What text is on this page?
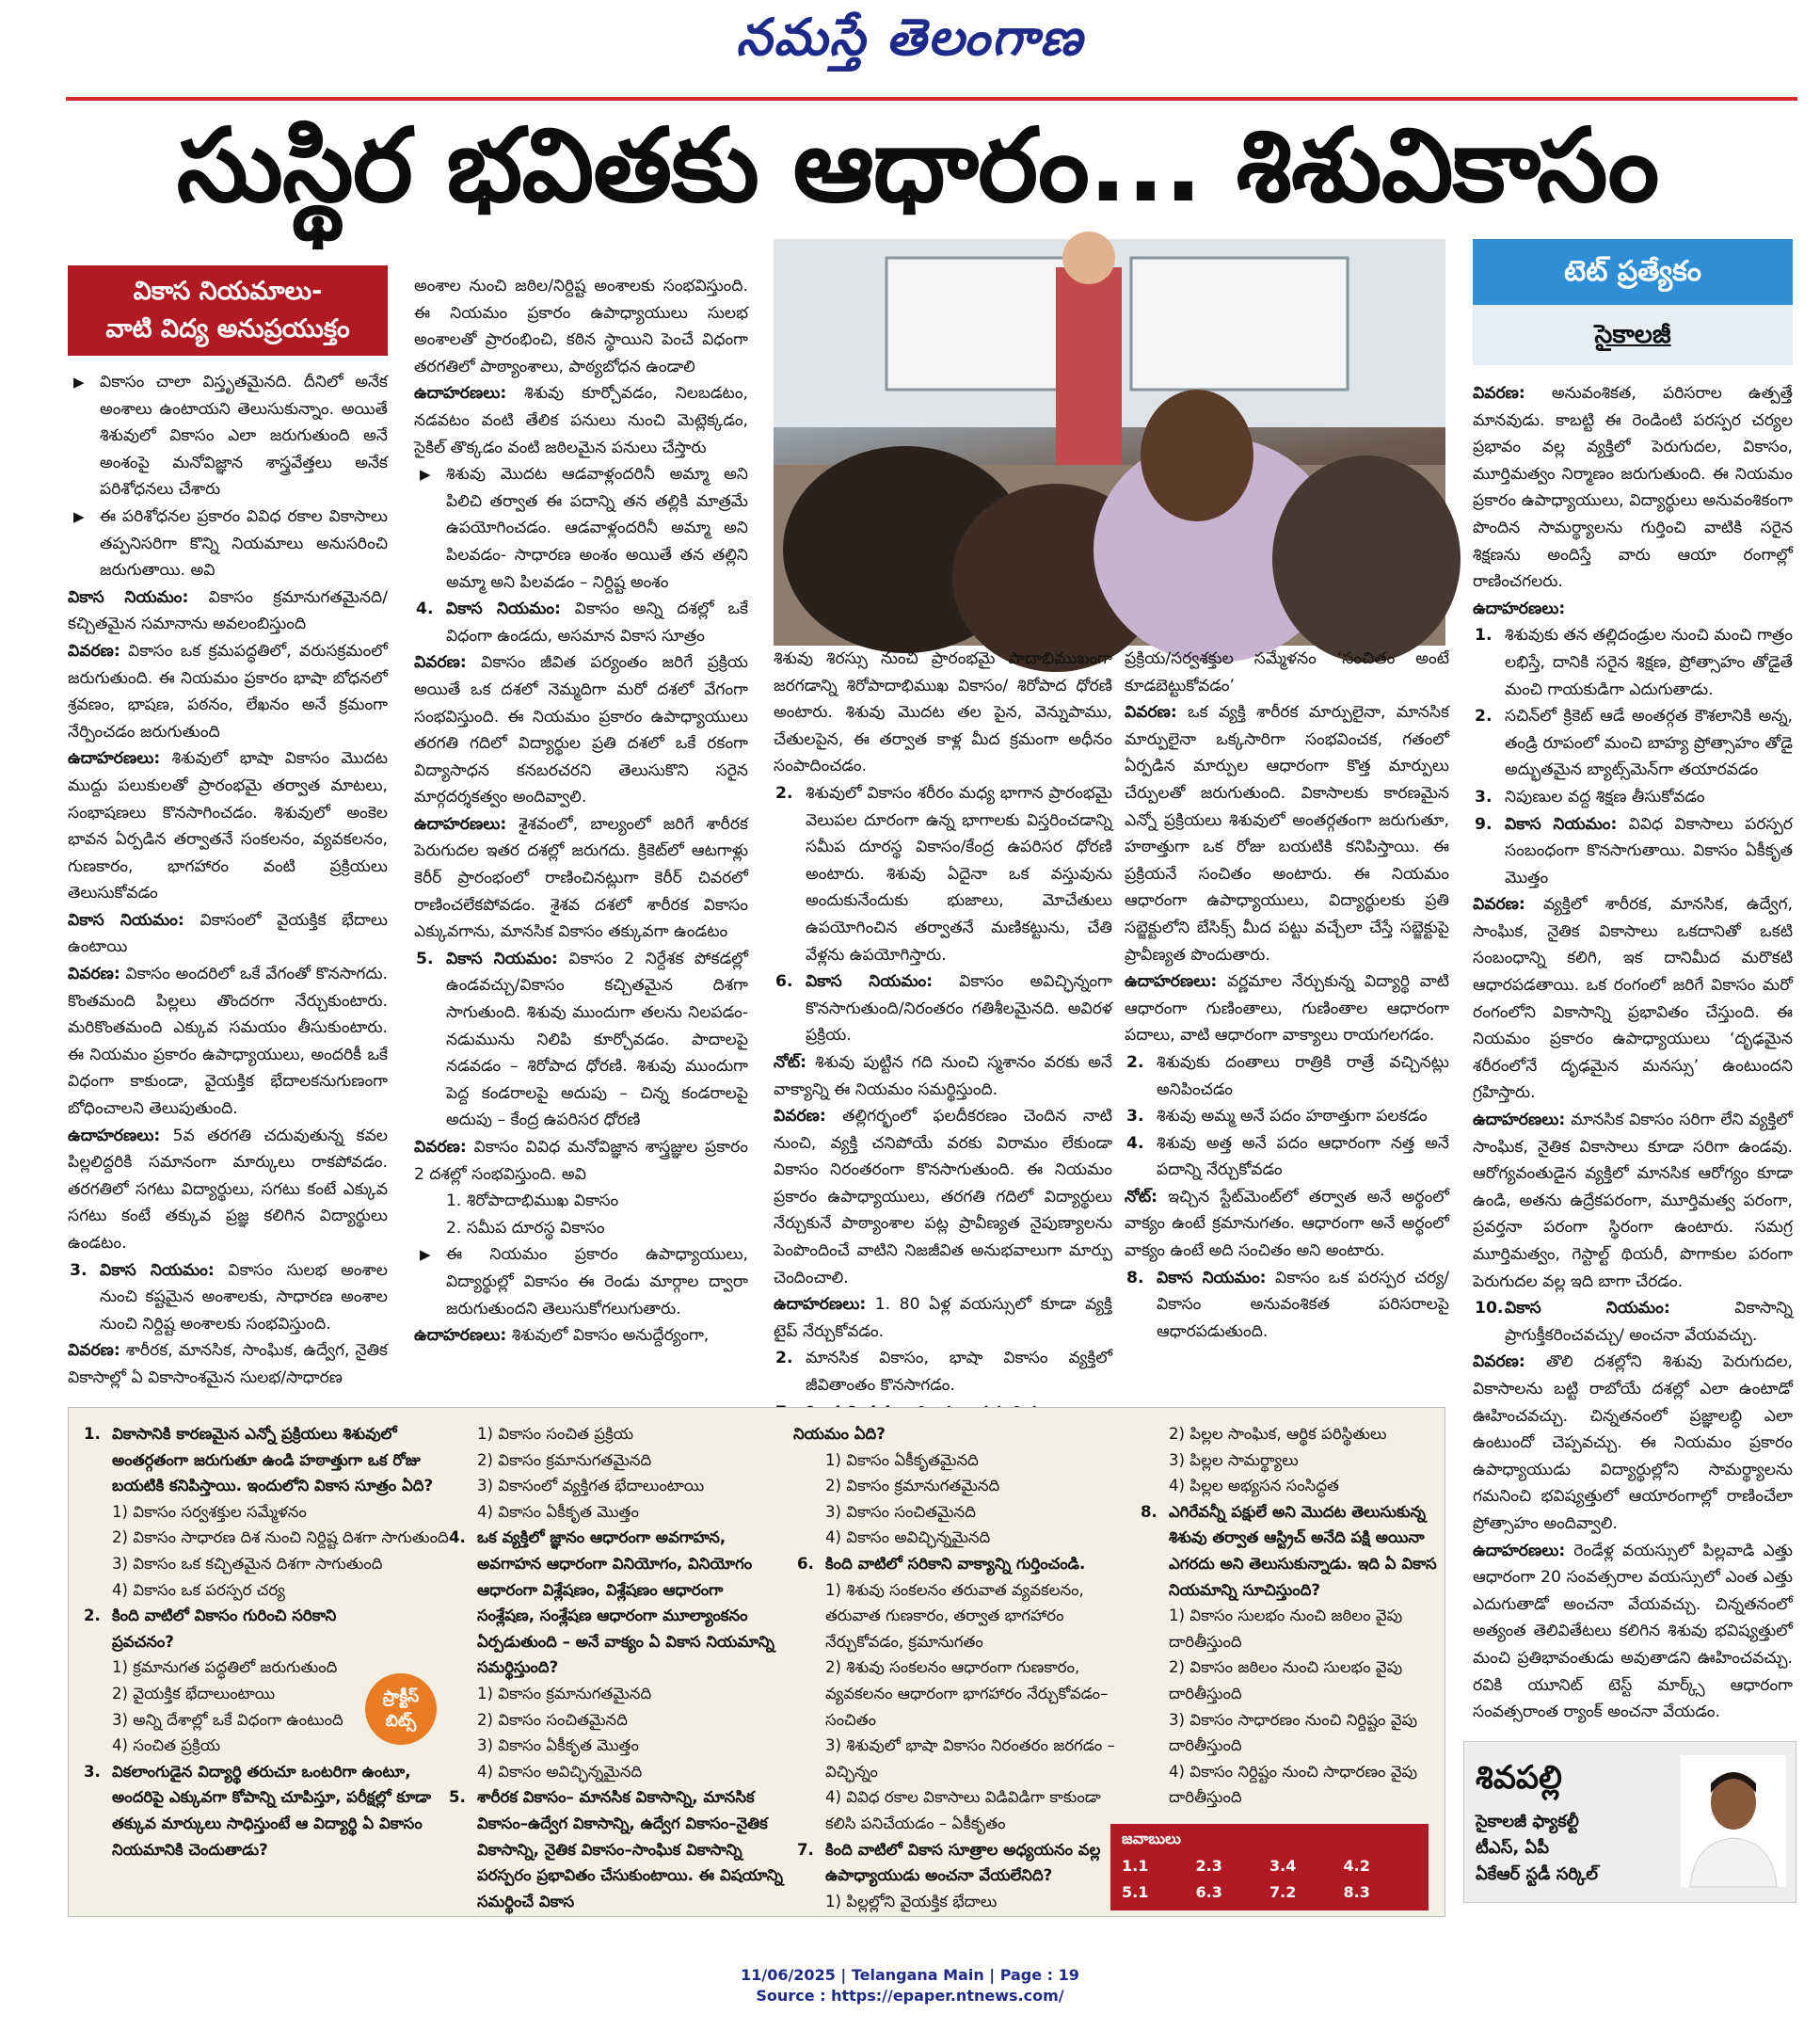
నమస్తే తెలంగాణ
సుస్థిర భవితకు ఆధారం... శిశువికాసం
వికాస నియమాలు-
వాటి విద్య అనుప్రయుక్తం

▶ వికాసం చాలా విస్తృతమైనది. దీనిలో అనేక అంశాలు ఉంటాయని తెలుసుకున్నాం. అయితే శిశువులో వికాసం ఎలా జరుగుతుంది అనే అంశంపై మనోవిజ్ఞాన శాస్త్రవేత్తలు అనేక పరిశోధనలు చేశారు

▶ ఈ పరిశోధనల ప్రకారం వివిధ రకాల వికాసాలు తప్పనిసరిగా కొన్ని నియమాలు అనుసరించి జరుగుతాయి. అవి

వికాస నియమం: వికాసం క్రమానుగతమైనది/ కచ్చితమైన సమానాను అవలంబిస్తుంది

వివరణ: వికాసం ఒక క్రమపద్ధతిలో, వరుసక్రమంలో జరుగుతుంది. ఈ నియమం ప్రకారం భాషా బోధనలో శ్రవణం, భాషణ, పఠనం, లేఖనం అనే క్రమంగా నేర్పించడం జరుగుతుంది

ఉదాహరణలు: శిశువులో భాషా వికాసం మొదట ముద్దు పలుకులతో ప్రారంభమై తర్వాత మాటలు, సంభాషణలు కొనసాగించడం. శిశువులో అంకెల భావన ఏర్పడిన తర్వాతనే సంకలనం, వ్యవకలనం, గుణకారం, భాగహారం వంటి ప్రక్రియలు తెలుసుకోవడం

వికాస నియమం: వికాసంలో వైయక్తిక భేదాలు ఉంటాయి

వివరణ: వికాసం అందరిలో ఒకే వేగంతో కొనసాగదు. కొంతమంది పిల్లలు తొందరగా నేర్చుకుంటారు. మరికొంతమంది ఎక్కువ సమయం తీసుకుంటారు. ఈ నియమం ప్రకారం ఉపాధ్యాయులు, అందరికీ ఒకే విధంగా కాకుండా, వైయక్తిక భేదాలకనుగుణంగా బోధించాలని తెలుపుతుంది.

ఉదాహరణలు: 5వ తరగతి చదువుతున్న కవల పిల్లలిద్దరికి సమానంగా మార్కులు రాకపోవడం. తరగతిలో సగటు విద్యార్థులు, సగటు కంటే ఎక్కువ సగటు కంటే తక్కువ ప్రజ్ఞ కలిగిన విద్యార్థులు ఉండటం.

3. వికాస నియమం: వికాసం సులభ అంశాల నుంచి కష్టమైన అంశాలకు, సాధారణ అంశాల నుంచి నిర్దిష్ట అంశాలకు సంభవిస్తుంది.

వివరణ: శారీరక, మానసిక, సాంఘిక, ఉద్వేగ, నైతిక వికాసాల్లో ఏ వికాసాంశమైన సులభ/సాధారణ

అంశాల నుంచి జఠిల/నిర్దిష్ట అంశాలకు సంభవిస్తుంది. ఈ నియమం ప్రకారం ఉపాధ్యాయులు సులభ అంశాలతో ప్రారంభించి, కఠిన స్థాయిని పెంచే విధంగా తరగతిలో పాఠ్యాంశాలు, పాఠ్యబోధన ఉండాలి

ఉదాహరణలు: శిశువు కూర్చోవడం, నిలబడటం, నడవటం వంటి తేలిక పనులు నుంచి మెట్లెక్కడం, సైకిల్ తొక్కడం వంటి జఠిలమైన పనులు చేస్తారు

▶ శిశువు మొదట ఆడవాళ్లందరినీ అమ్మా అని పిలిచి తర్వాత ఈ పదాన్ని తన తల్లికి మాత్రమే ఉపయోగించడం. ఆడవాళ్లందరినీ అమ్మా అని పిలవడం- సాధారణ అంశం అయితే తన తల్లిని అమ్మా అని పిలవడం – నిర్దిష్ట అంశం

4. వికాస నియమం: వికాసం అన్ని దశల్లో ఒకే విధంగా ఉండదు, అసమాన వికాస సూత్రం

వివరణ: వికాసం జీవిత పర్యంతం జరిగే ప్రక్రియ అయితే ఒక దశలో నెమ్మదిగా మరో దశలో వేగంగా సంభవిస్తుంది. ఈ నియమం ప్రకారం ఉపాధ్యాయులు తరగతి గదిలో విద్యార్థుల ప్రతి దశలో ఒకే రకంగా విద్యాసాధన కనబరచరని తెలుసుకొని సరైన మార్గదర్శకత్వం అందివ్వాలి.

ఉదాహరణలు: శైశవంలో, బాల్యంలో జరిగే శారీరక పెరుగుదల ఇతర దశల్లో జరుగదు. క్రికెట్‌లో ఆటగాళ్లు కెరీర్ ప్రారంభంలో రాణించినట్లుగా కెరీర్ చివరలో రాణించలేకపోవడం. శైశవ దశలో శారీరక వికాసం ఎక్కువగాను, మానసిక వికాసం తక్కువగా ఉండటం

5. వికాస నియమం: వికాసం 2 నిర్దేశక పోకడల్లో ఉండవచ్చు/వికాసం కచ్చితమైన దిశగా సాగుతుంది. శిశువు ముందుగా తలను నిలపడం-నడుమును నిలిపి కూర్చోవడం. పాదాలపై నడవడం – శిరోపాద ధోరణి. శిశువు ముందుగా పెద్ద కండరాలపై అదుపు – చిన్న కండరాలపై అదుపు – కేంద్ర ఉపరిసర ధోరణి

వివరణ: వికాసం వివిధ మనోవిజ్ఞాన శాస్త్రజ్ఞుల ప్రకారం 2 దశల్లో సంభవిస్తుంది. అవి

1. శిరోపాదాభిముఖ వికాసం

2. సమీప దూరస్థ వికాసం

▶ ఈ నియమం ప్రకారం ఉపాధ్యాయులు, విద్యార్థుల్లో వికాసం ఈ రెండు మార్గాల ద్వారా జరుగుతుందని తెలుసుకోగలుగుతారు.

ఉదాహరణలు: శిశువులో వికాసం అనుద్దేర్యంగా,

శిశువు శిరస్సు నుంచి ప్రారంభమై పాదాభిముఖంగా జరగడాన్ని శిరోపాదాభిముఖ వికాసం/ శిరోపాద ధోరణి అంటారు. శిశువు మొదట తల పైన, వెన్నుపాము, చేతులపైన, ఈ తర్వాత కాళ్ల మీద క్రమంగా అధీనం సంపాదించడం.

2. శిశువులో వికాసం శరీరం మధ్య భాగాన ప్రారంభమై వెలుపల దూరంగా ఉన్న భాగాలకు విస్తరించడాన్ని సమీప దూరస్థ వికాసం/కేంద్ర ఉపరిసర ధోరణి అంటారు. శిశువు ఏదైనా ఒక వస్తువును అందుకునేందుకు భుజాలు, మోచేతులు ఉపయోగించిన తర్వాతనే మణికట్టును, చేతి వేళ్లను ఉపయోగిస్తారు.

6. వికాస నియమం: వికాసం అవిచ్ఛిన్నంగా కొనసాగుతుంది/నిరంతరం గతిశీలమైనది. అవిరళ ప్రక్రియ.

నోట్: శిశువు పుట్టిన గది నుంచి స్మశానం వరకు అనే వాక్యాన్ని ఈ నియమం సమర్థిస్తుంది.

వివరణ: తల్లిగర్భంలో ఫలదీకరణం చెందిన నాటి నుంచి, వ్యక్తి చనిపోయే వరకు విరామం లేకుండా వికాసం నిరంతరంగా కొనసాగుతుంది. ఈ నియమం ప్రకారం ఉపాధ్యాయులు, తరగతి గదిలో విద్యార్థులు నేర్చుకునే పాఠ్యాంశాల పట్ల ప్రావీణ్యత నైపుణ్యాలను పెంపొందించే వాటిని నిజజీవిత అనుభవాలుగా మార్పు చెందించాలి.

ఉదాహరణలు: 1. 80 ఏళ్ల వయస్సులో కూడా వ్యక్తి టైప్ నేర్చుకోవడం.

2. మానసిక వికాసం, భాషా వికాసం వ్యక్తిలో జీవితాంతం కొనసాగడం.

ప్రక్రియ/సర్వశక్తుల సమ్మేళనం ‘సంచితం అంటే కూడబెట్టుకోవడం’

వివరణ: ఒక వ్యక్తి శారీరక మార్పులైనా, మానసిక మార్పులైనా ఒక్కసారిగా సంభవించక, గతంలో ఏర్పడిన మార్పుల ఆధారంగా కొత్త మార్పులు చేర్పులతో జరుగుతుంది. వికాసాలకు కారణమైన ఎన్నో ప్రక్రియలు శిశువులో అంతర్గతంగా జరుగుతూ, హఠాత్తుగా ఒక రోజు బయటికి కనిపిస్తాయి. ఈ ప్రక్రియనే సంచితం అంటారు. ఈ నియమం ఆధారంగా ఉపాధ్యాయులు, విద్యార్థులకు ప్రతి సబ్జెక్టులోని బేసిక్స్ మీద పట్టు వచ్చేలా చేస్తే సబ్జెక్టుపై ప్రావీణ్యత పొందుతారు.

ఉదాహరణలు: వర్ణమాల నేర్చుకున్న విద్యార్థి వాటి ఆధారంగా గుణింతాలు, గుణింతాల ఆధారంగా పదాలు, వాటి ఆధారంగా వాక్యాలు రాయగలగడం.

2. శిశువుకు దంతాలు రాత్రికి రాత్రే వచ్చినట్లు అనిపించడం

3. శిశువు అమ్మ అనే పదం హఠాత్తుగా పలకడం

4. శిశువు అత్త అనే పదం ఆధారంగా నత్త అనే పదాన్ని నేర్చుకోవడం

నోట్: ఇచ్చిన స్టేట్‌మెంట్‌లో తర్వాత అనే అర్థంలో వాక్యం ఉంటే క్రమానుగతం. ఆధారంగా అనే అర్థంలో వాక్యం ఉంటే అది సంచితం అని అంటారు.

8. వికాస నియమం: వికాసం ఒక పరస్పర చర్య/ వికాసం అనువంశికత పరిసరాలపై ఆధారపడుతుంది.

టెట్ ప్రత్యేకం
సైకాలజీ

వివరణ: అనువంశికత, పరిసరాల ఉత్పత్తే మానవుడు. కాబట్టి ఈ రెండింటి పరస్పర చర్యల ప్రభావం వల్ల వ్యక్తిలో పెరుగుదల, వికాసం, మూర్తిమత్వం నిర్మాణం జరుగుతుంది. ఈ నియమం ప్రకారం ఉపాధ్యాయులు, విద్యార్థులు అనువంశికంగా పొందిన సామర్థ్యాలను గుర్తించి వాటికి సరైన శిక్షణను అందిస్తే వారు ఆయా రంగాల్లో రాణించగలరు.

ఉదాహరణలు:

1. శిశువుకు తన తల్లిదండ్రుల నుంచి మంచి గాత్రం లభిస్తే, దానికి సరైన శిక్షణ, ప్రోత్సాహం తోడైతే మంచి గాయకుడిగా ఎదుగుతాడు.

2. సచిన్‌లో క్రికెట్ ఆడే అంతర్గత కౌశలానికి అన్న, తండ్రి రూపంలో మంచి బాహ్య ప్రోత్సాహం తోడై అద్భుతమైన బ్యాట్స్‌మెన్‌గా తయారవడం

3. నిపుణుల వద్ద శిక్షణ తీసుకోవడం

9. వికాస నియమం: వివిధ వికాసాలు పరస్పర సంబంధంగా కొనసాగుతాయి. వికాసం ఏకీకృత మొత్తం

వివరణ: వ్యక్తిలో శారీరక, మానసిక, ఉద్వేగ, సాంఘిక, నైతిక వికాసాలు ఒకదానితో ఒకటి సంబంధాన్ని కలిగి, ఇక దానిమీద మరొకటి ఆధారపడతాయి. ఒక రంగంలో జరిగే వికాసం మరో రంగంలోని వికాసాన్ని ప్రభావితం చేస్తుంది. ఈ నియమం ప్రకారం ఉపాధ్యాయులు ‘దృఢమైన శరీరంలోనే దృఢమైన మనస్సు’ ఉంటుందని గ్రహిస్తారు.

ఉదాహరణలు: మానసిక వికాసం సరిగా లేని వ్యక్తిలో సాంఘిక, నైతిక వికాసాలు కూడా సరిగా ఉండవు. ఆరోగ్యవంతుడైన వ్యక్తిలో మానసిక ఆరోగ్యం కూడా ఉండి, అతను ఉద్రేకపరంగా, మూర్తిమత్వ పరంగా, ప్రవర్తనా పరంగా స్థిరంగా ఉంటారు. సమగ్ర మూర్తిమత్వం, గెస్టాల్ట్ థియరీ, పొగాకుల పరంగా పెరుగుదల వల్ల ఇది బాగా చేరడం.

10. వికాస నియమం:	వికాసాన్ని ప్రాగుక్తీకరించవచ్చు/ అంచనా వేయవచ్చు.

వివరణ: తొలి దశల్లోని శిశువు పెరుగుదల, వికాసాలను బట్టి రాబోయే దశల్లో ఎలా ఉంటాడో ఊహించవచ్చు. చిన్నతనంలో ప్రజ్ఞాలబ్ధి ఎలా ఉంటుందో చెప్పవచ్చు. ఈ నియమం ప్రకారం ఉపాధ్యాయుడు విద్యార్థుల్లోని సామర్థ్యాలను గమనించి భవిష్యత్తులో ఆయారంగాల్లో రాణించేలా ప్రోత్సాహం అందివ్వాలి.

ఉదాహరణలు: రెండేళ్ల వయస్సులో పిల్లవాడి ఎత్తు ఆధారంగా 20 సంవత్సరాల వయస్సులో ఎంత ఎత్తు ఎదుగుతాడో అంచనా వేయవచ్చు. చిన్నతనంలో అత్యంత తెలివితేటలు కలిగిన శిశువు భవిష్యత్తులో మంచి ప్రతిభావంతుడు అవుతాడని ఊహించవచ్చు. రవికి యూనిట్ టెస్ట్ మార్క్స్ ఆధారంగా సంవత్సరాంత ర్యాంక్ అంచనా వేయడం.

1. వికాసానికి కారణమైన ఎన్నో ప్రక్రియలు శిశువులో అంతర్గతంగా జరుగుతూ ఉండి హఠాత్తుగా ఒక రోజు బయటికి కనిపిస్తాయి. ఇందులోని వికాస సూత్రం ఏది?

1) వికాసం సర్వశక్తుల సమ్మేళనం

2) వికాసం సాధారణ దిశ నుంచి నిర్దిష్ట దిశగా సాగుతుంది

3) వికాసం ఒక కచ్చితమైన దిశగా సాగుతుంది

4) వికాసం ఒక పరస్పర చర్య

2. కింది వాటిలో వికాసం గురించి సరికాని ప్రవచనం?

1) క్రమానుగత పద్ధతిలో జరుగుతుంది

2) వైయక్తిక భేదాలుంటాయి

3) అన్ని దేశాల్లో ఒకే విధంగా ఉంటుంది

4) సంచిత ప్రక్రియ

3. వికలాంగుడైన విద్యార్థి తరుచూ ఒంటరిగా ఉంటూ, అందరిపై ఎక్కువగా కోపాన్ని చూపిస్తూ, పరీక్షల్లో కూడా తక్కువ మార్కులు సాధిస్తుంటే ఆ విద్యార్థి ఏ వికాసం నియమానికి చెందుతాడు?

1) వికాసం సంచిత ప్రక్రియ

2) వికాసం క్రమానుగతమైనది

3) వికాసంలో వ్యక్తిగత భేదాలుంటాయి

4) వికాసం ఏకీకృత మొత్తం

4. ఒక వ్యక్తిలో జ్ఞానం ఆధారంగా అవగాహన, అవగాహన ఆధారంగా వినియోగం, వినియోగం ఆధారంగా విశ్లేషణం, విశ్లేషణం ఆధారంగా సంశ్లేషణ, సంశ్లేషణ ఆధారంగా మూల్యాంకనం ఏర్పడుతుంది – అనే వాక్యం ఏ వికాస నియమాన్ని సమర్థిస్తుంది?

1) వికాసం క్రమానుగతమైనది

2) వికాసం సంచితమైనది

3) వికాసం ఏకీకృత మొత్తం

4) వికాసం అవిచ్ఛిన్నమైనది

5. శారీరక వికాసం– మానసిక వికాసాన్ని, మానసిక వికాసం–ఉద్వేగ వికాసాన్ని, ఉద్వేగ వికాసం–నైతిక వికాసాన్ని, నైతిక వికాసం–సాంఘిక వికాసాన్ని పరస్పరం ప్రభావితం చేసుకుంటాయి. ఈ విషయాన్ని సమర్థించే వికాస

నియమం ఏది?

1) వికాసం ఏకీకృతమైనది

2) వికాసం క్రమానుగతమైనది

3) వికాసం సంచితమైనది

4) వికాసం అవిచ్ఛిన్నమైనది

6. కింది వాటిలో సరికాని వాక్యాన్ని గుర్తించండి.

1) శిశువు సంకలనం తరువాత వ్యవకలనం, తరువాత గుణకారం, తర్వాత భాగహారం నేర్చుకోవడం, క్రమానుగతం

2) శిశువు సంకలనం ఆధారంగా గుణకారం, వ్యవకలనం ఆధారంగా భాగహారం నేర్చుకోవడం–సంచితం

3) శిశువులో భాషా వికాసం నిరంతరం జరగడం – విచ్ఛిన్నం

4) వివిధ రకాల వికాసాలు విడివిడిగా కాకుండా కలిసి పనిచేయడం – ఏకీకృతం

7. కింది వాటిలో వికాస సూత్రాల అధ్యయనం వల్ల ఉపాధ్యాయుడు అంచనా వేయలేనిది?

1) పిల్లల్లోని వైయక్తిక భేదాలు

2) పిల్లల సాంఘిక, ఆర్థిక పరిస్థితులు

3) పిల్లల సామర్థ్యాలు

4) పిల్లల అభ్యసన సంసిద్ధత

8. ఎగిరేవన్నీ పక్షులే అని మొదట తెలుసుకున్న శిశువు తర్వాత ఆస్ట్రిచ్ అనేది పక్షి అయినా ఎగరదు అని తెలుసుకున్నాడు. ఇది ఏ వికాస నియమాన్ని సూచిస్తుంది?

1) వికాసం సులభం నుంచి జఠిలం వైపు దారితీస్తుంది

2) వికాసం జఠిలం నుంచి సులభం వైపు దారితీస్తుంది

3) వికాసం సాధారణం నుంచి నిర్దిష్టం వైపు దారితీస్తుంది

4) వికాసం నిర్దిష్టం నుంచి సాధారణం వైపు దారితీస్తుంది

ప్రాక్టీస్
బిట్స్
జవాబులు
1.1	2.3	3.4	4.2
5.1	6.3	7.2	8.3
శివపల్లి
సైకాలజీ ఫ్యాకల్టీ
టీఎస్, ఏపీ
ఏకేఆర్ స్టడీ సర్కిల్
11/06/2025 | Telangana Main | Page : 19
Source : https://epaper.ntnews.com/
